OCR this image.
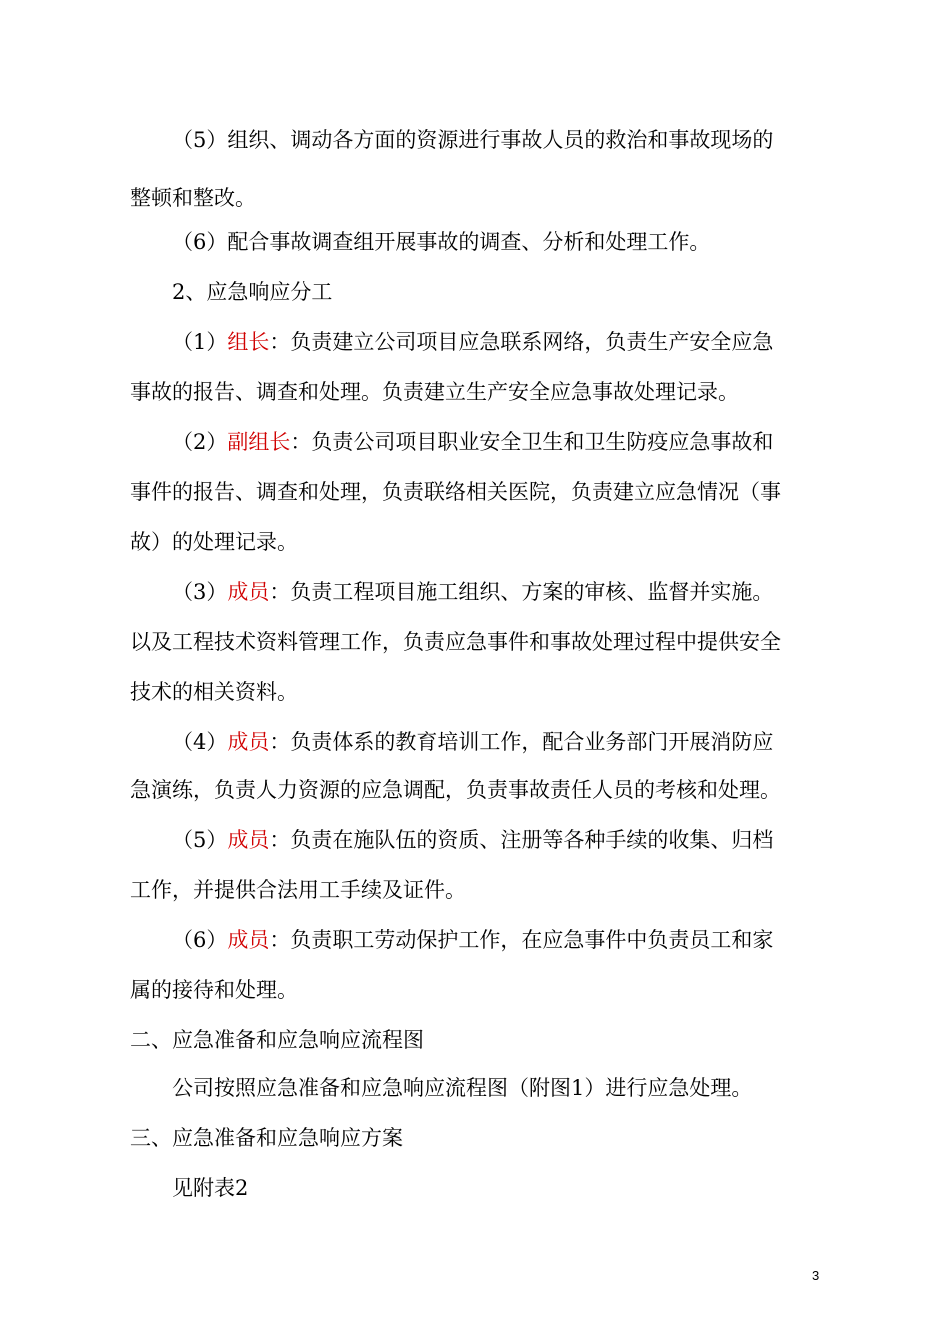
（5）组织、调动各方面的资源进行事故人员的救治和事故现场的

整顿和整改。

（6）配合事故调查组开展事故的调查、分析和处理工作。

2、应急响应分工

（1）组长：负责建立公司项目应急联系网络，负责生产安全应急

事故的报告、调查和处理。负责建立生产安全应急事故处理记录。

（2）副组长：负责公司项目职业安全卫生和卫生防疫应急事故和

事件的报告、调查和处理，负责联络相关医院，负责建立应急情况（事

故）的处理记录。

（3）成员：负责工程项目施工组织、方案的审核、监督并实施。

以及工程技术资料管理工作，负责应急事件和事故处理过程中提供安全

技术的相关资料。

（4）成员：负责体系的教育培训工作，配合业务部门开展消防应

急演练，负责人力资源的应急调配，负责事故责任人员的考核和处理。

（5）成员：负责在施队伍的资质、注册等各种手续的收集、归档

工作，并提供合法用工手续及证件。

（6）成员：负责职工劳动保护工作，在应急事件中负责员工和家

属的接待和处理。

二、应急准备和应急响应流程图

公司按照应急准备和应急响应流程图（附图1）进行应急处理。

三、应急准备和应急响应方案

见附表2

3
